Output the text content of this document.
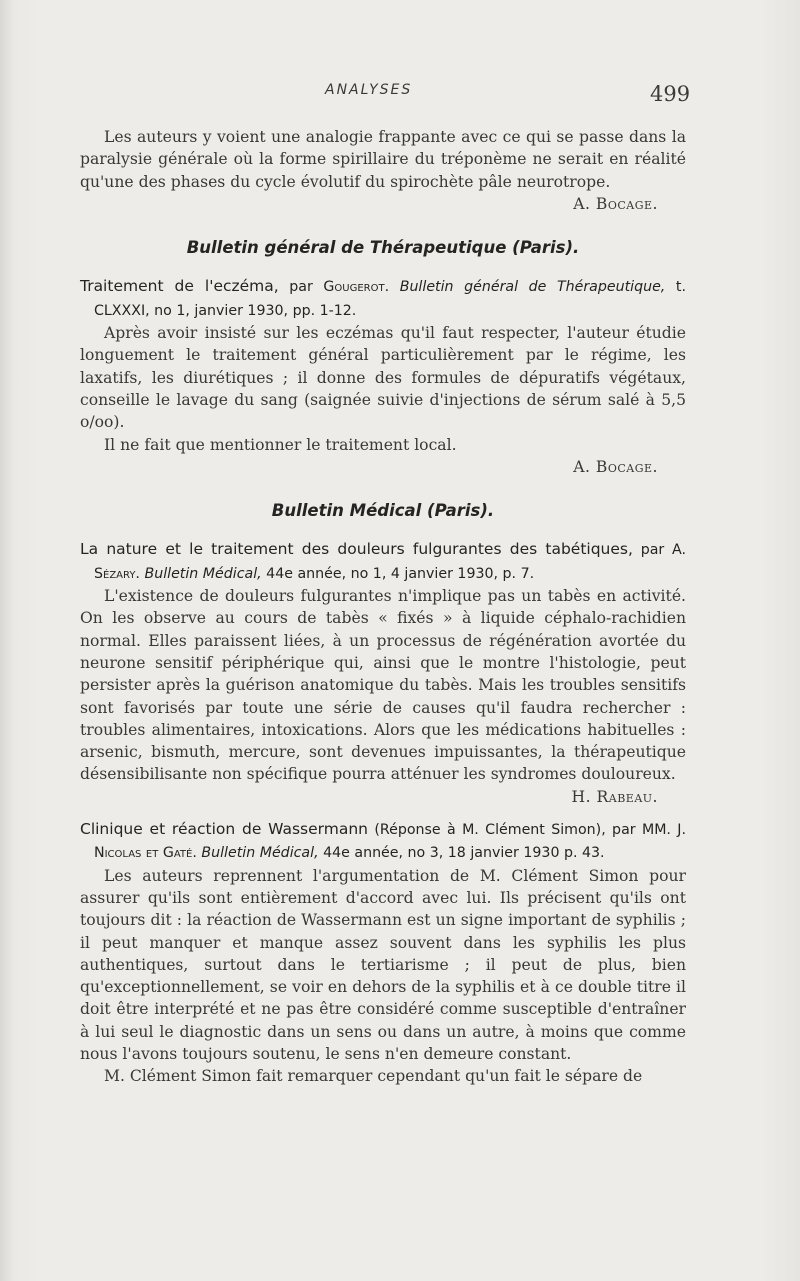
ANALYSES	499

Les auteurs y voient une analogie frappante avec ce qui se passe dans la paralysie générale où la forme spirillaire du tréponème ne serait en réalité qu'une des phases du cycle évolutif du spirochète pâle neurotrope.

A. Bocage.

Bulletin général de Thérapeutique (Paris).

Traitement de l'eczéma, par Gougerot. Bulletin général de Thérapeutique, t. CLXXXI, no 1, janvier 1930, pp. 1-12.

Après avoir insisté sur les eczémas qu'il faut respecter, l'auteur étudie longuement le traitement général particulièrement par le régime, les laxatifs, les diurétiques ; il donne des formules de dépuratifs végétaux, conseille le lavage du sang (saignée suivie d'injections de sérum salé à 5,5 o/oo).

Il ne fait que mentionner le traitement local.

A. Bocage.

Bulletin Médical (Paris).

La nature et le traitement des douleurs fulgurantes des tabétiques, par A. Sézary. Bulletin Médical, 44e année, no 1, 4 janvier 1930, p. 7.

L'existence de douleurs fulgurantes n'implique pas un tabès en activité. On les observe au cours de tabès « fixés » à liquide céphalo-rachidien normal. Elles paraissent liées, à un processus de régénération avortée du neurone sensitif périphérique qui, ainsi que le montre l'histologie, peut persister après la guérison anatomique du tabès. Mais les troubles sensitifs sont favorisés par toute une série de causes qu'il faudra rechercher : troubles alimentaires, intoxications. Alors que les médications habituelles : arsenic, bismuth, mercure, sont devenues impuissantes, la thérapeutique désensibilisante non spécifique pourra atténuer les syndromes douloureux.

H. Rabeau.

Clinique et réaction de Wassermann (Réponse à M. Clément Simon), par MM. J. Nicolas et Gaté. Bulletin Médical, 44e année, no 3, 18 janvier 1930 p. 43.

Les auteurs reprennent l'argumentation de M. Clément Simon pour assurer qu'ils sont entièrement d'accord avec lui. Ils précisent qu'ils ont toujours dit : la réaction de Wassermann est un signe important de syphilis ; il peut manquer et manque assez souvent dans les syphilis les plus authentiques, surtout dans le tertiarisme ; il peut de plus, bien qu'exceptionnellement, se voir en dehors de la syphilis et à ce double titre il doit être interprété et ne pas être considéré comme susceptible d'entraîner à lui seul le diagnostic dans un sens ou dans un autre, à moins que comme nous l'avons toujours soutenu, le sens n'en demeure constant.

M. Clément Simon fait remarquer cependant qu'un fait le sépare de
